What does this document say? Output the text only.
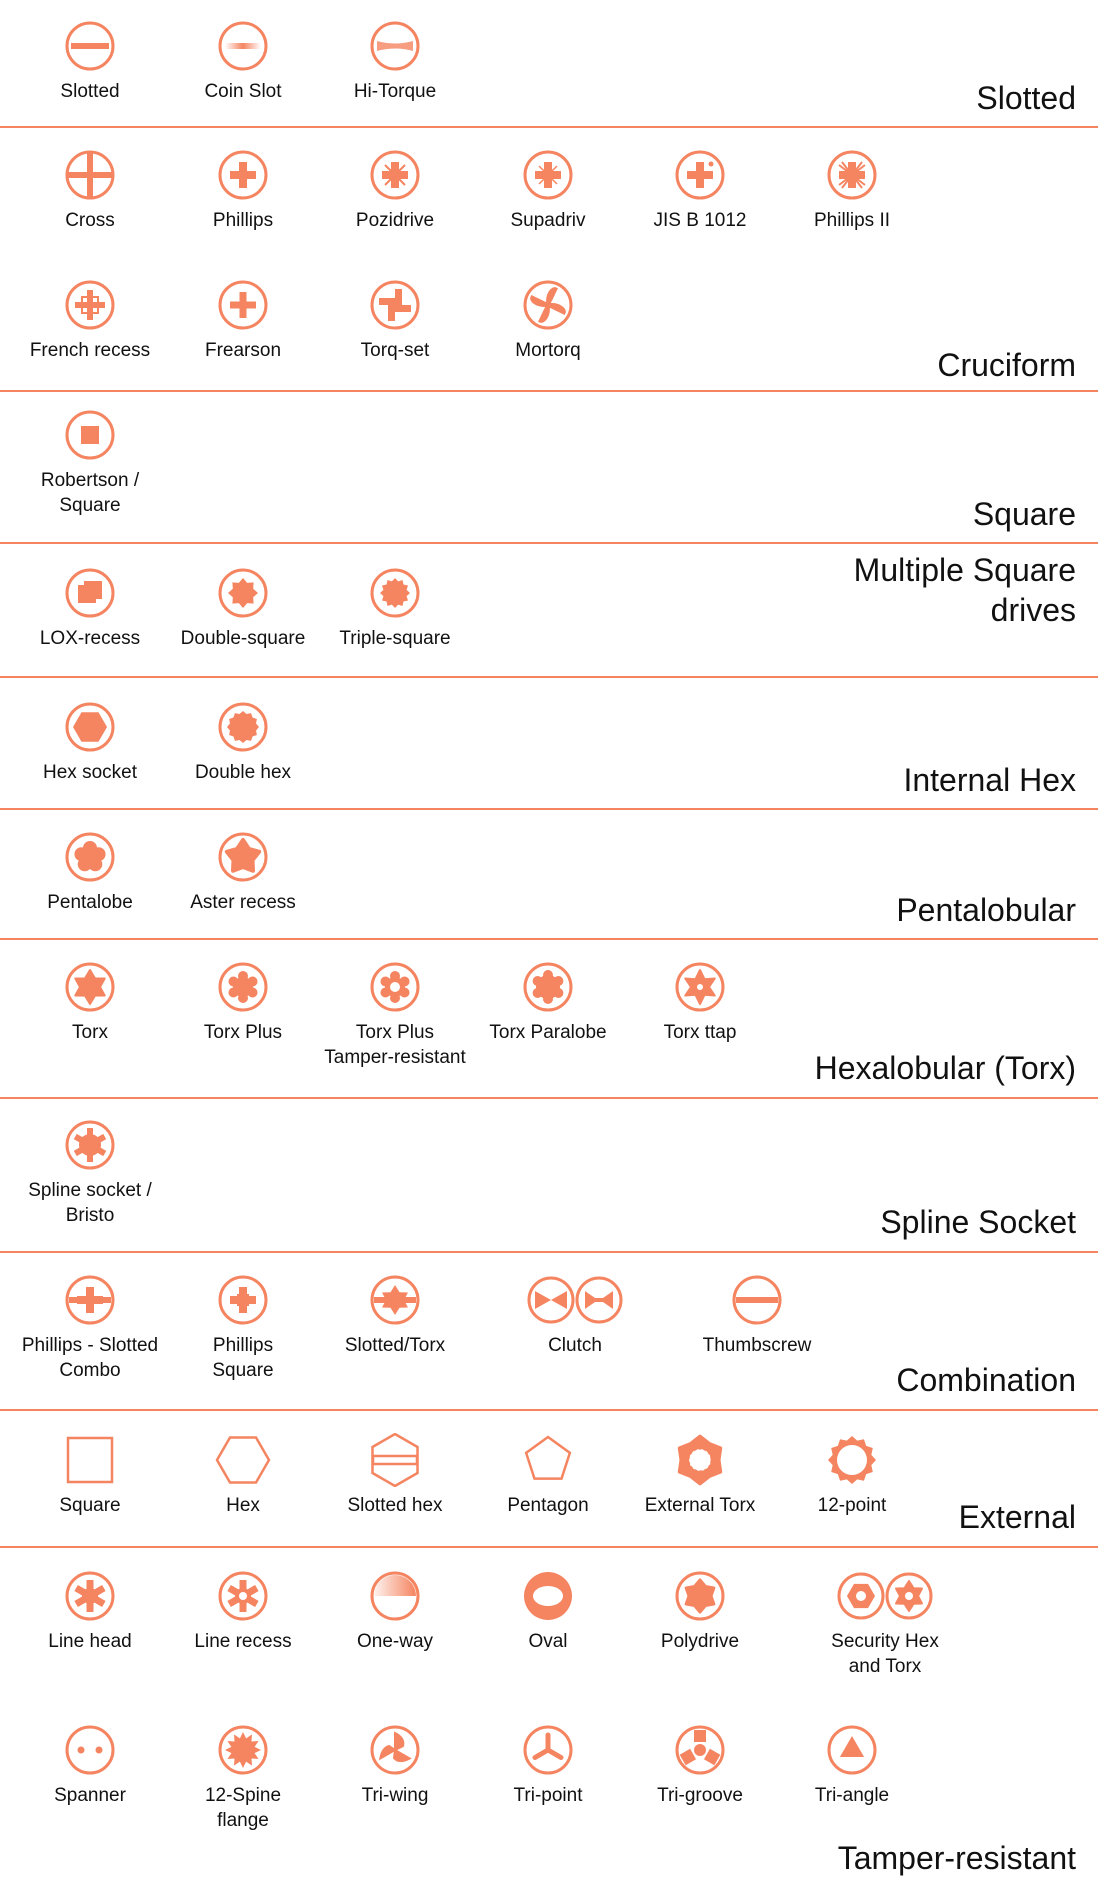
Slotted
Slotted	Coin Slot	Hi-Torque
Cruciform
Cross	Phillips	Pozidrive	Supadriv	JIS B 1012	Phillips II
French recess	Frearson	Torq-set	Mortorq
Square
Robertson /
Square
Multiple Square
drives
LOX-recess	Double-square	Triple-square
Internal Hex
Hex socket	Double hex
Pentalobular
Pentalobe	Aster recess
Hexalobular (Torx)
Torx	Torx Plus	Torx Plus
Tamper-resistant
Torx Paralobe	Torx ttap
Spline Socket
Spline socket /
Bristo
Combination
Phillips - Slotted
Combo
Phillips
Square
Slotted/Torx	Clutch	Thumbscrew
External
Square	Hex	Slotted hex	Pentagon	External Torx	12-point
Tamper-resistant
Line head	Line recess	One-way	Oval	Polydrive	Security Hex
and Torx
Spanner	12-Spine
flange
Tri-wing	Tri-point	Tri-groove	Tri-angle
